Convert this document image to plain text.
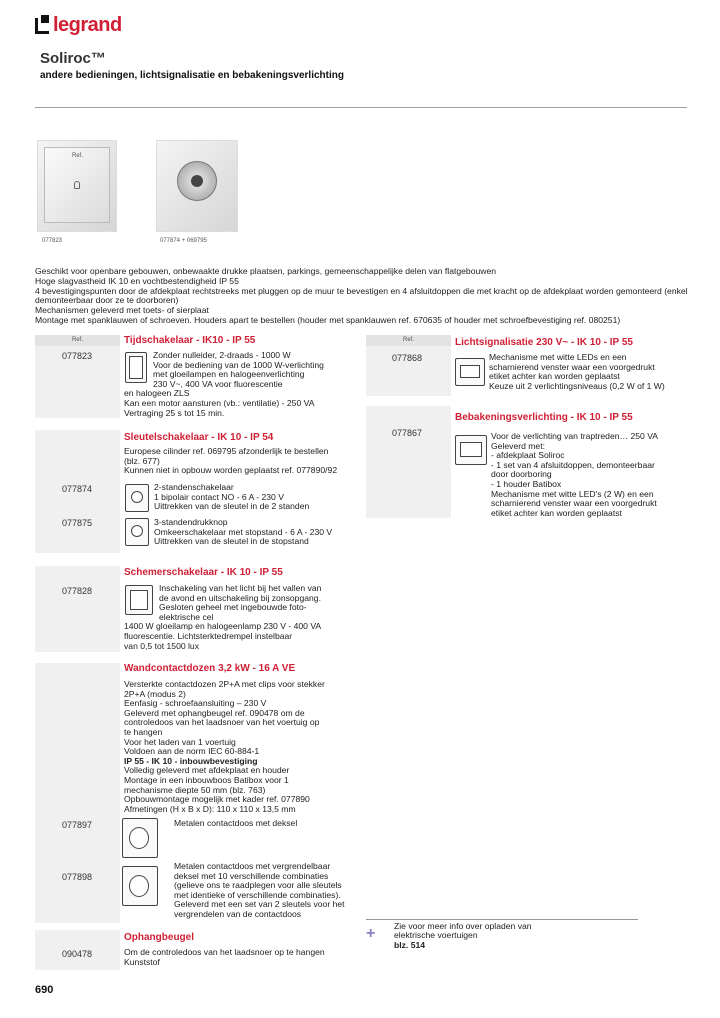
legrand
Soliroc™
andere bedieningen, lichtsignalisatie en bebakeningsverlichting
Ref.
077823	077874 + 069795
Geschikt voor openbare gebouwen, onbewaakte drukke plaatsen, parkings, gemeenschappelijke delen van flatgebouwen
Hoge slagvastheid IK 10 en vochtbestendigheid IP 55
4 bevestigingspunten door de afdekplaat rechtstreeks met pluggen op de muur te bevestigen en 4 afsluitdoppen die met kracht op de afdekplaat worden gemonteerd (enkel demonteerbaar door ze te doorboren)
Mechanismen geleverd met toets- of sierplaat
Montage met spanklauwen of schroeven. Houders apart te bestellen (houder met spanklauwen ref. 670635 of houder met schroefbevestiging ref. 080251)
Ref.	Tijdschakelaar - IK10 - IP 55
077823	Zonder nulleider, 2-draads - 1000 W
Voor de bediening van de 1000 W-verlichting
met gloeilampen en halogeenverlichting
230 V~, 400 VA voor fluorescentie
en halogeen ZLS
Kan een motor aansturen (vb.: ventilatie) - 250 VA
Vertraging 25 s tot 15 min.
Sleutelschakelaar - IK 10 - IP 54
Europese cilinder ref. 069795 afzonderlijk te bestellen
(blz. 677)
Kunnen niet in opbouw worden geplaatst ref. 077890/92
077874	2-standenschakelaar
1 bipolair contact NO - 6 A - 230 V
Uittrekken van de sleutel in de 2 standen
077875	3-standendrukknop
Omkeerschakelaar met stopstand - 6 A - 230 V
Uittrekken van de sleutel in de stopstand
Schemerschakelaar - IK 10 - IP 55
077828	Inschakeling van het licht bij het vallen van
de avond en uitschakeling bij zonsopgang.
Gesloten geheel met ingebouwde foto-
elektrische cel
1400 W gloeilamp en halogeenlamp 230 V - 400 VA
fluorescentie. Lichtsterktedrempel instelbaar
van 0,5 tot 1500 lux
Wandcontactdozen 3,2 kW - 16 A VE
Versterkte contactdozen 2P+A met clips voor stekker
2P+A (modus 2)
Eenfasig - schroefaansluiting – 230 V
Geleverd met ophangbeugel ref. 090478 om de
controledoos van het laadsnoer van het voertuig op
te hangen
Voor het laden van 1 voertuig
Voldoen aan de norm IEC 60-884-1
IP 55 - IK 10 - inbouwbevestiging
Volledig geleverd met afdekplaat en houder
Montage in een inbouwboos Batibox voor 1
mechanisme diepte 50 mm (blz. 763)
Opbouwmontage mogelijk met kader ref. 077890
Afmetingen (H x B x D): 110 x 110 x 13,5 mm
077897	Metalen contactdoos met deksel
077898
Metalen contactdoos met vergrendelbaar
deksel met 10 verschillende combinaties
(gelieve ons te raadplegen voor alle sleutels
met identieke of verschillende combinaties).
Geleverd met een set van 2 sleutels voor het
vergrendelen van de contactdoos
Ophangbeugel
090478	Om de controledoos van het laadsnoer op te hangen
Kunststof
Ref.	Lichtsignalisatie 230 V~ - IK 10 - IP 55
077868	Mechanisme met witte LEDs en een
scharnierend venster waar een voorgedrukt
etiket achter kan worden geplaatst
Keuze uit 2 verlichtingsniveaus (0,2 W of 1 W)
Bebakeningsverlichting - IK 10 - IP 55
077867	Voor de verlichting van traptreden… 250 VA
Geleverd met:
- afdekplaat Soliroc
- 1 set van 4 afsluitdoppen, demonteerbaar
door doorboring
- 1 houder Batibox
Mechanisme met witte LED's (2 W) en een
scharnierend venster waar een voorgedrukt
etiket achter kan worden geplaatst
+	Zie voor meer info over opladen van
elektrische voertuigen
blz. 514
690
